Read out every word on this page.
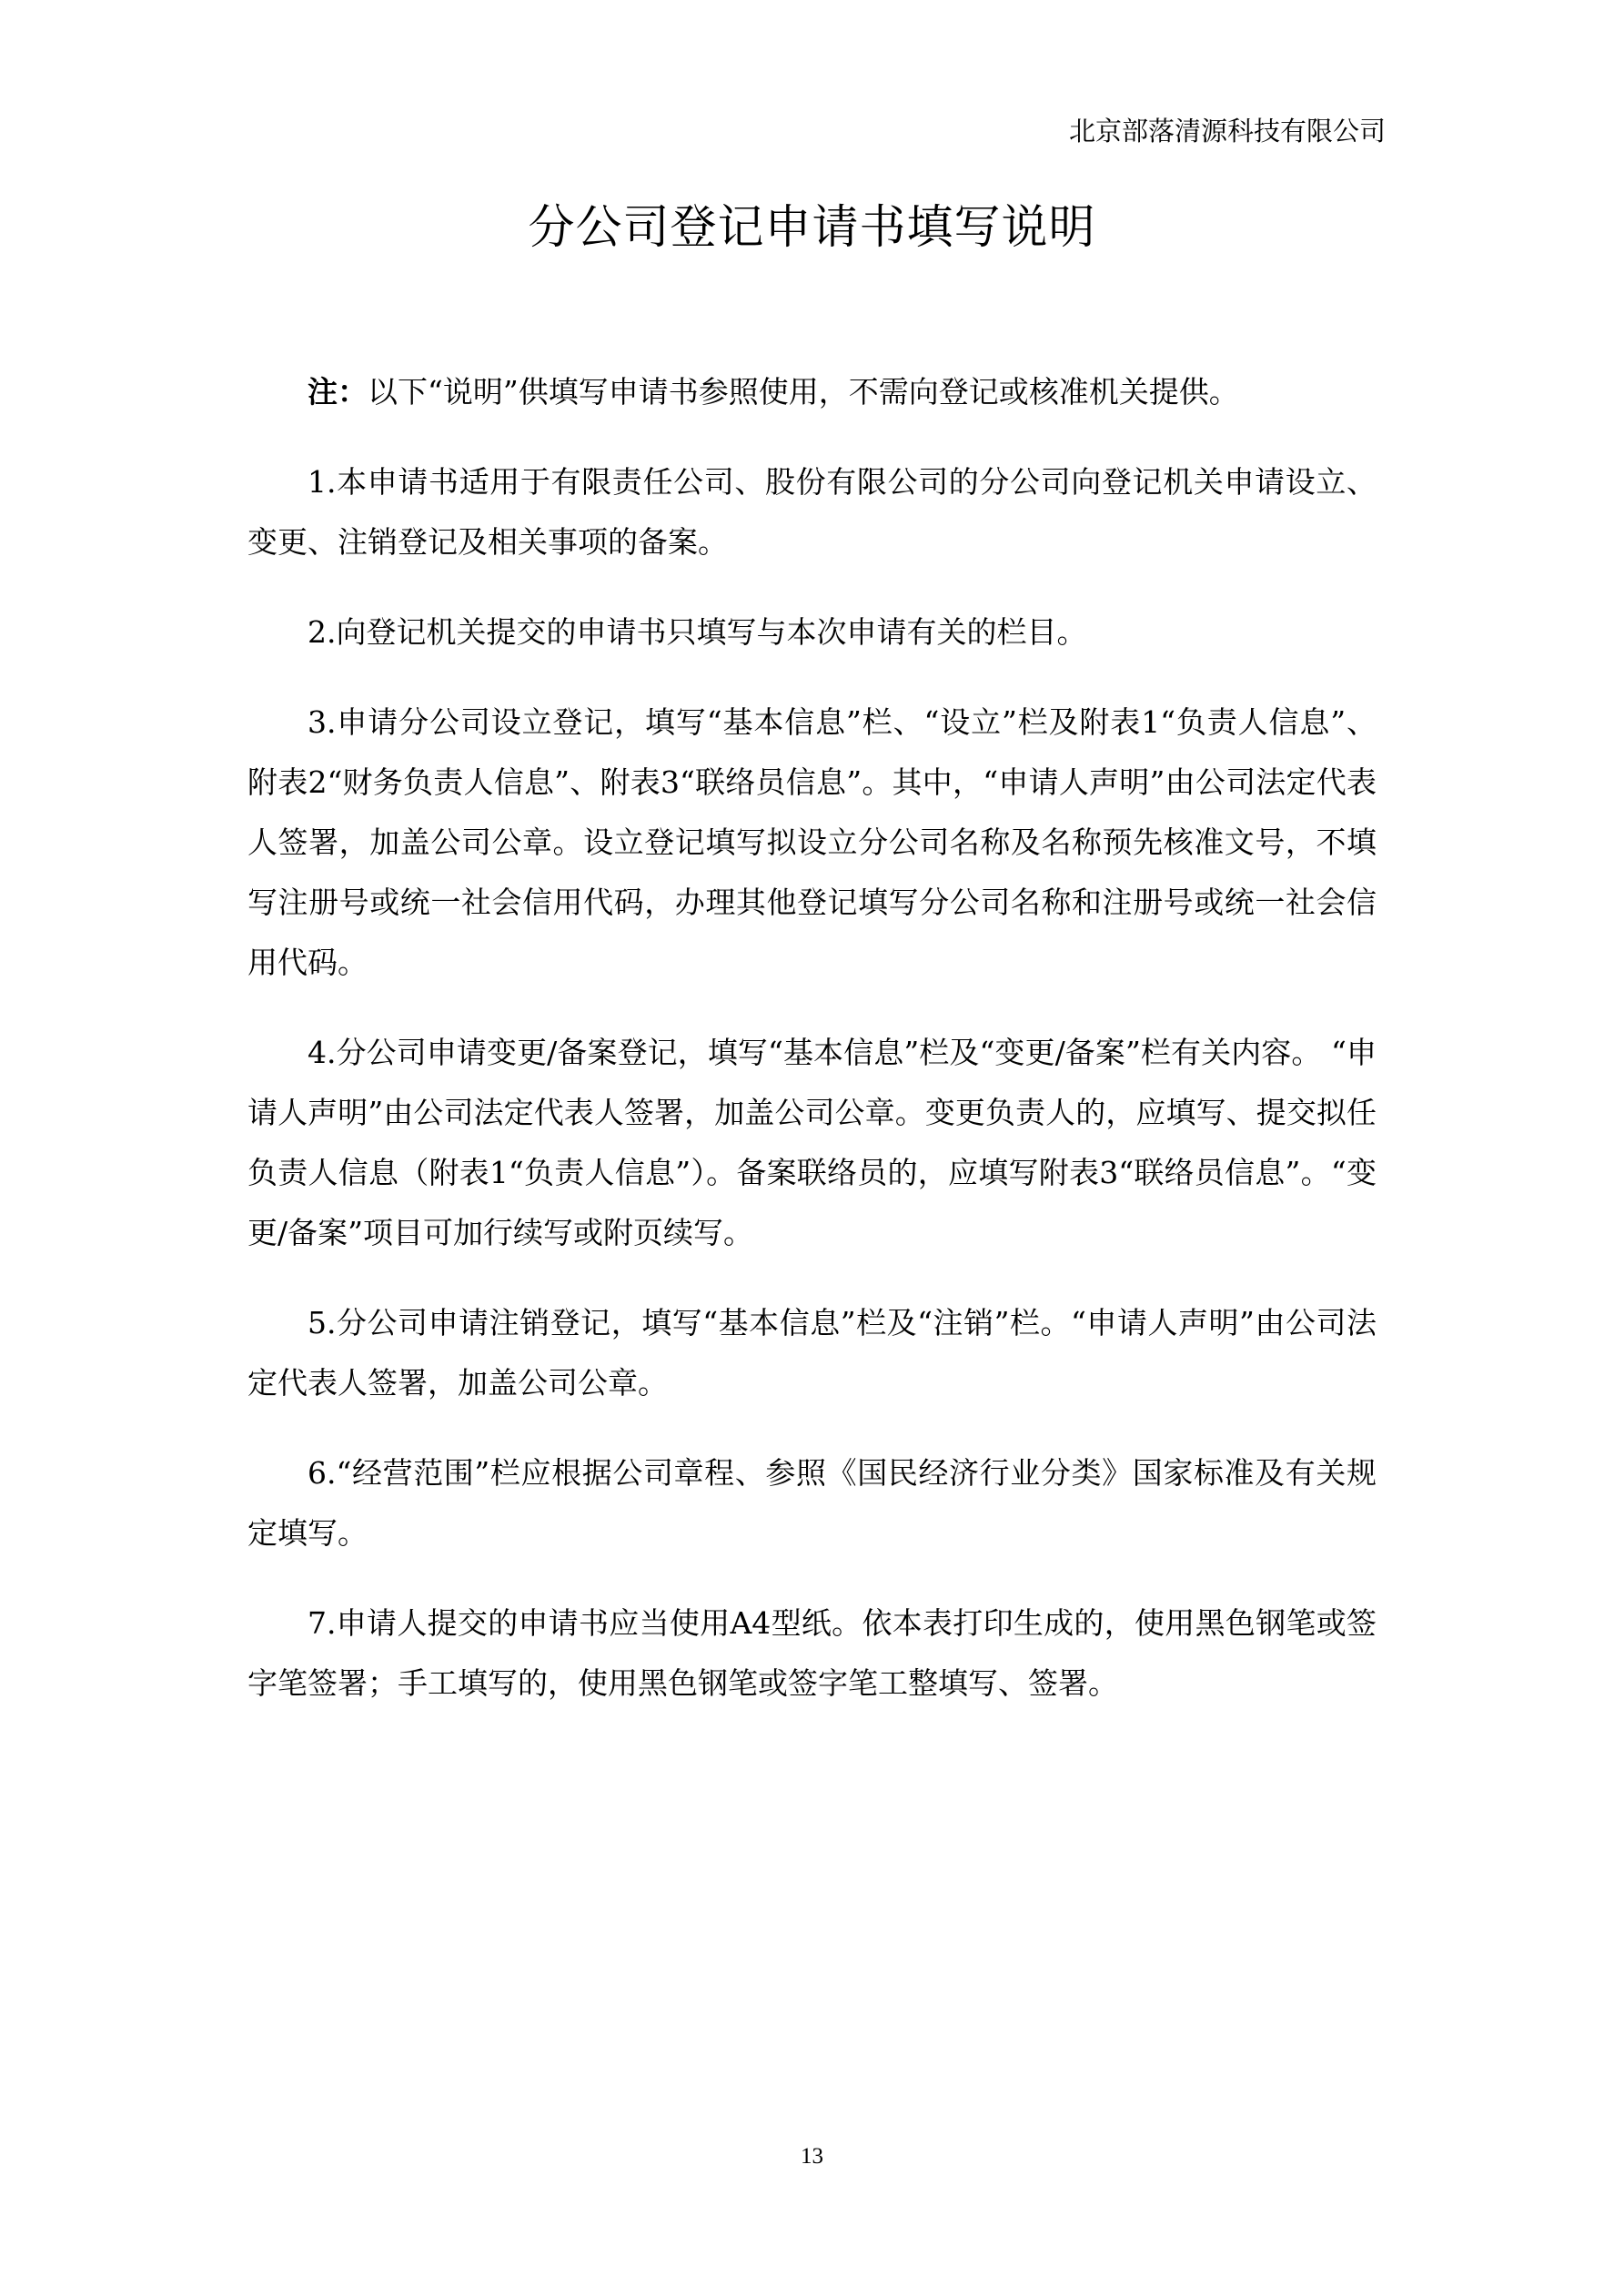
北京部落清源科技有限公司
分公司登记申请书填写说明

注：以下“说明”供填写申请书参照使用，不需向登记或核准机关提供。

1.本申请书适用于有限责任公司、股份有限公司的分公司向登记机关申请设立、变更、注销登记及相关事项的备案。

2.向登记机关提交的申请书只填写与本次申请有关的栏目。

3.申请分公司设立登记，填写“基本信息”栏、“设立”栏及附表1“负责人信息”、附表2“财务负责人信息”、附表3“联络员信息”。其中，“申请人声明”由公司法定代表人签署，加盖公司公章。设立登记填写拟设立分公司名称及名称预先核准文号，不填写注册号或统一社会信用代码，办理其他登记填写分公司名称和注册号或统一社会信用代码。

4.分公司申请变更/备案登记，填写“基本信息”栏及“变更/备案”栏有关内容。 “申请人声明”由公司法定代表人签署，加盖公司公章。变更负责人的，应填写、提交拟任负责人信息（附表1“负责人信息”）。备案联络员的，应填写附表3“联络员信息”。“变更/备案”项目可加行续写或附页续写。

5.分公司申请注销登记，填写“基本信息”栏及“注销”栏。“申请人声明”由公司法定代表人签署，加盖公司公章。

6.“经营范围”栏应根据公司章程、参照《国民经济行业分类》国家标准及有关规定填写。

7.申请人提交的申请书应当使用A4型纸。依本表打印生成的，使用黑色钢笔或签字笔签署；手工填写的，使用黑色钢笔或签字笔工整填写、签署。

13
